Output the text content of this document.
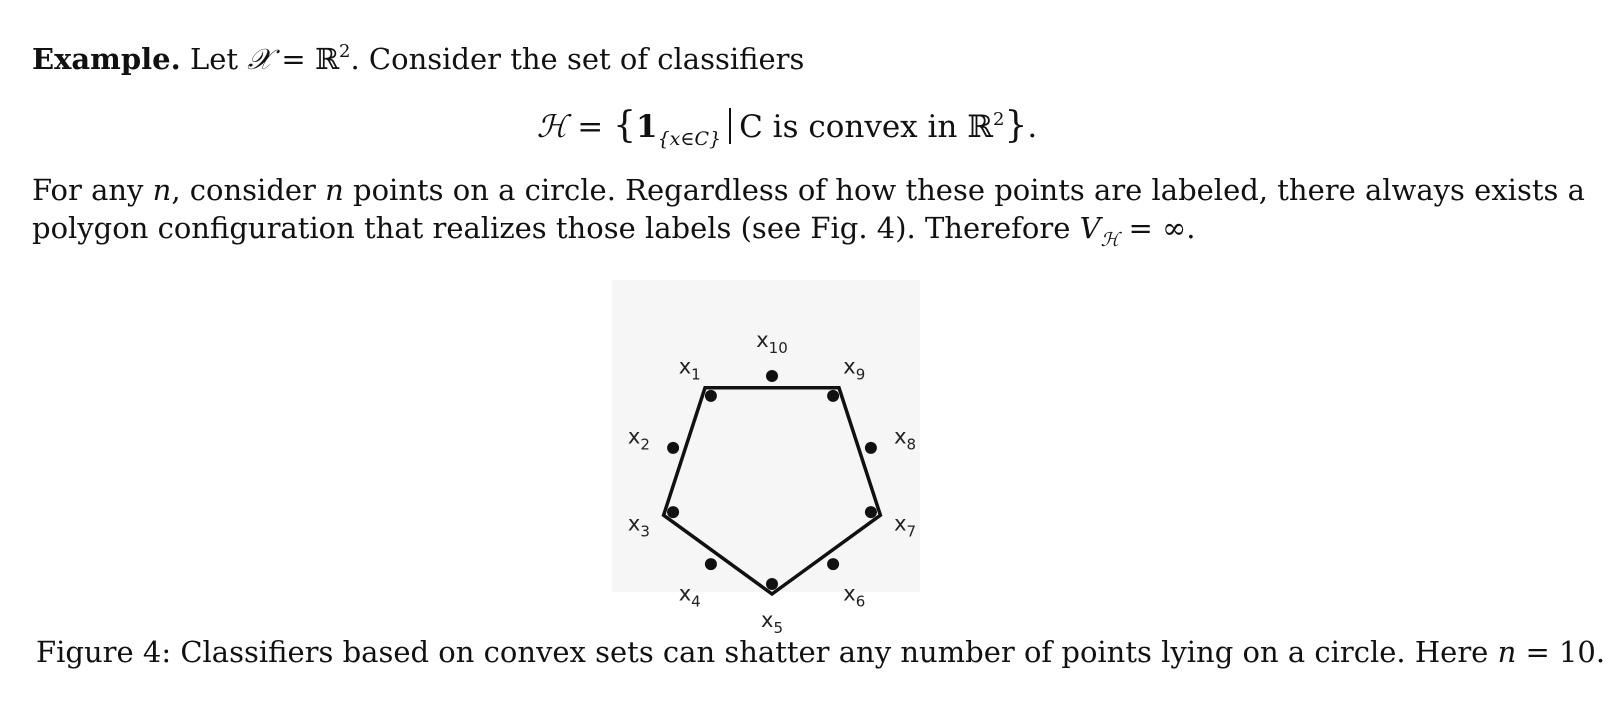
Example. Let 𝒳 = ℝ$^2$. Consider the set of classifiers
ℋ = {$1_{\{x\in C\}}$ C is convex in ℝ$^2$}.
For any n, consider n points on a circle. Regardless of how these points are labeled, there always exists a
polygon configuration that realizes those labels (see Fig. 4). Therefore $V_ℋ$ = ∞.
$x_1$
$x_2$
$x_3$
$x_4$
$x_5$
$x_6$
$x_7$
$x_8$
$x_9$
$x_{10}$
Figure 4: Classifiers based on convex sets can shatter any number of points lying on a circle. Here n = 10.
